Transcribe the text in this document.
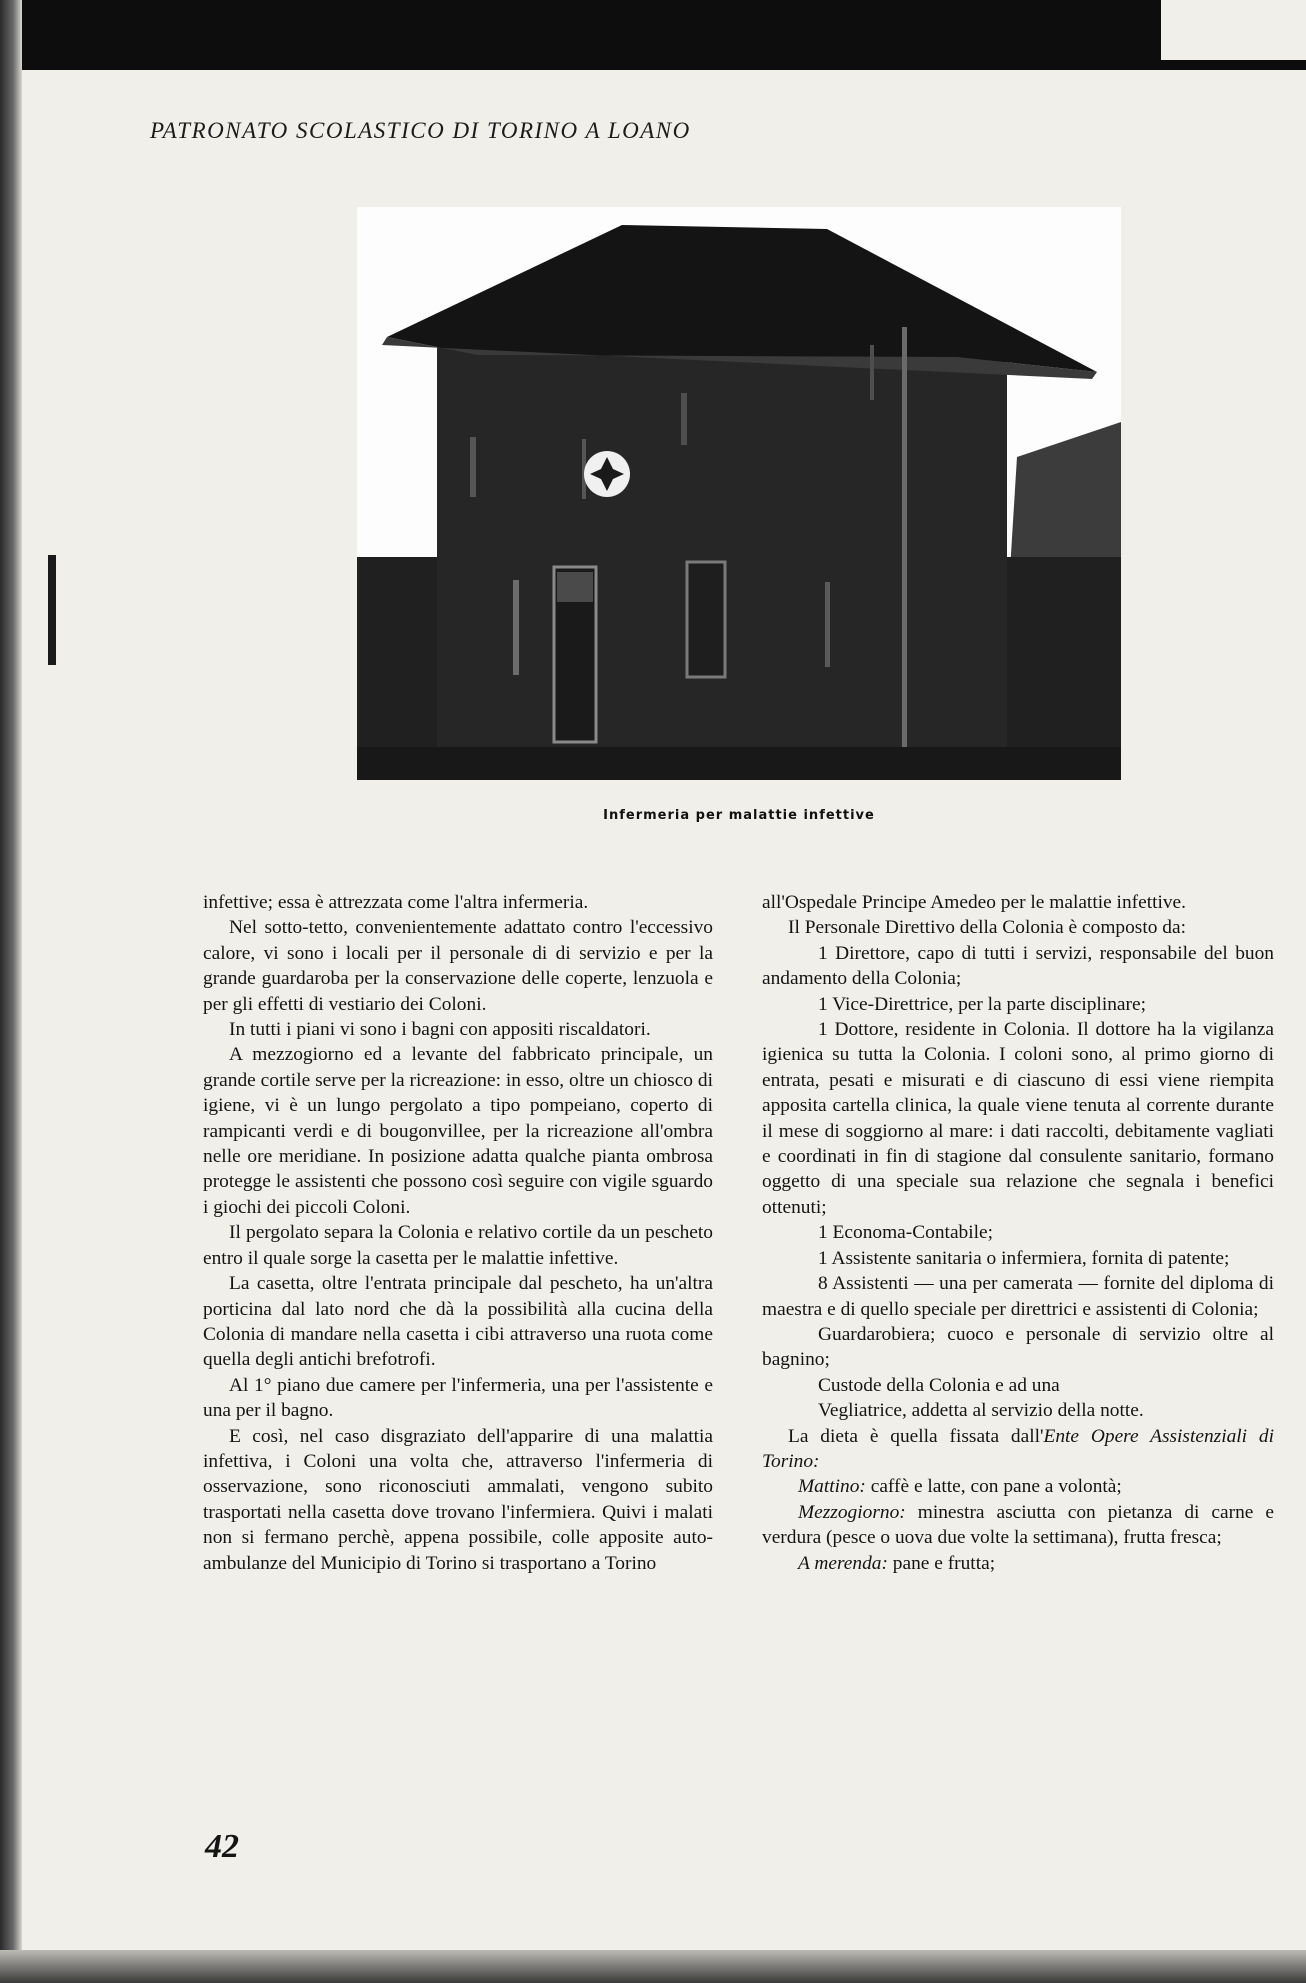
PATRONATO SCOLASTICO DI TORINO A LOANO
Infermeria per malattie infettive

infettive; essa è attrezzata come l'altra infermeria.

Nel sotto-tetto, convenientemente adattato contro l'eccessivo calore, vi sono i locali per il personale di di servizio e per la grande guardaroba per la conservazione delle coperte, lenzuola e per gli effetti di vestiario dei Coloni.

In tutti i piani vi sono i bagni con appositi riscaldatori.

A mezzogiorno ed a levante del fabbricato principale, un grande cortile serve per la ricreazione: in esso, oltre un chiosco di igiene, vi è un lungo pergolato a tipo pompeiano, coperto di rampicanti verdi e di bougonvillee, per la ricreazione all'ombra nelle ore meridiane. In posizione adatta qualche pianta ombrosa protegge le assistenti che possono così seguire con vigile sguardo i giochi dei piccoli Coloni.

Il pergolato separa la Colonia e relativo cortile da un pescheto entro il quale sorge la casetta per le malattie infettive.

La casetta, oltre l'entrata principale dal pescheto, ha un'altra porticina dal lato nord che dà la possibilità alla cucina della Colonia di mandare nella casetta i cibi attraverso una ruota come quella degli antichi brefotrofi.

Al 1° piano due camere per l'infermeria, una per l'assistente e una per il bagno.

E così, nel caso disgraziato dell'apparire di una malattia infettiva, i Coloni una volta che, attraverso l'infermeria di osservazione, sono riconosciuti ammalati, vengono subito trasportati nella casetta dove trovano l'infermiera. Quivi i malati non si fermano perchè, appena possibile, colle apposite auto-ambulanze del Municipio di Torino si trasportano a Torino

all'Ospedale Principe Amedeo per le malattie infettive.

Il Personale Direttivo della Colonia è composto da:

1 Direttore, capo di tutti i servizi, responsabile del buon andamento della Colonia;

1 Vice-Direttrice, per la parte disciplinare;

1 Dottore, residente in Colonia. Il dottore ha la vigilanza igienica su tutta la Colonia. I coloni sono, al primo giorno di entrata, pesati e misurati e di ciascuno di essi viene riempita apposita cartella clinica, la quale viene tenuta al corrente durante il mese di soggiorno al mare: i dati raccolti, debitamente vagliati e coordinati in fin di stagione dal consulente sanitario, formano oggetto di una speciale sua relazione che segnala i benefici ottenuti;

1 Economa-Contabile;

1 Assistente sanitaria o infermiera, fornita di patente;

8 Assistenti — una per camerata — fornite del diploma di maestra e di quello speciale per direttrici e assistenti di Colonia;

Guardarobiera; cuoco e personale di servizio oltre al bagnino;

Custode della Colonia e ad una

Vegliatrice, addetta al servizio della notte.

La dieta è quella fissata dall'Ente Opere Assistenziali di Torino:

Mattino: caffè e latte, con pane a volontà;

Mezzogiorno: minestra asciutta con pietanza di carne e verdura (pesce o uova due volte la settimana), frutta fresca;

A merenda: pane e frutta;

42
